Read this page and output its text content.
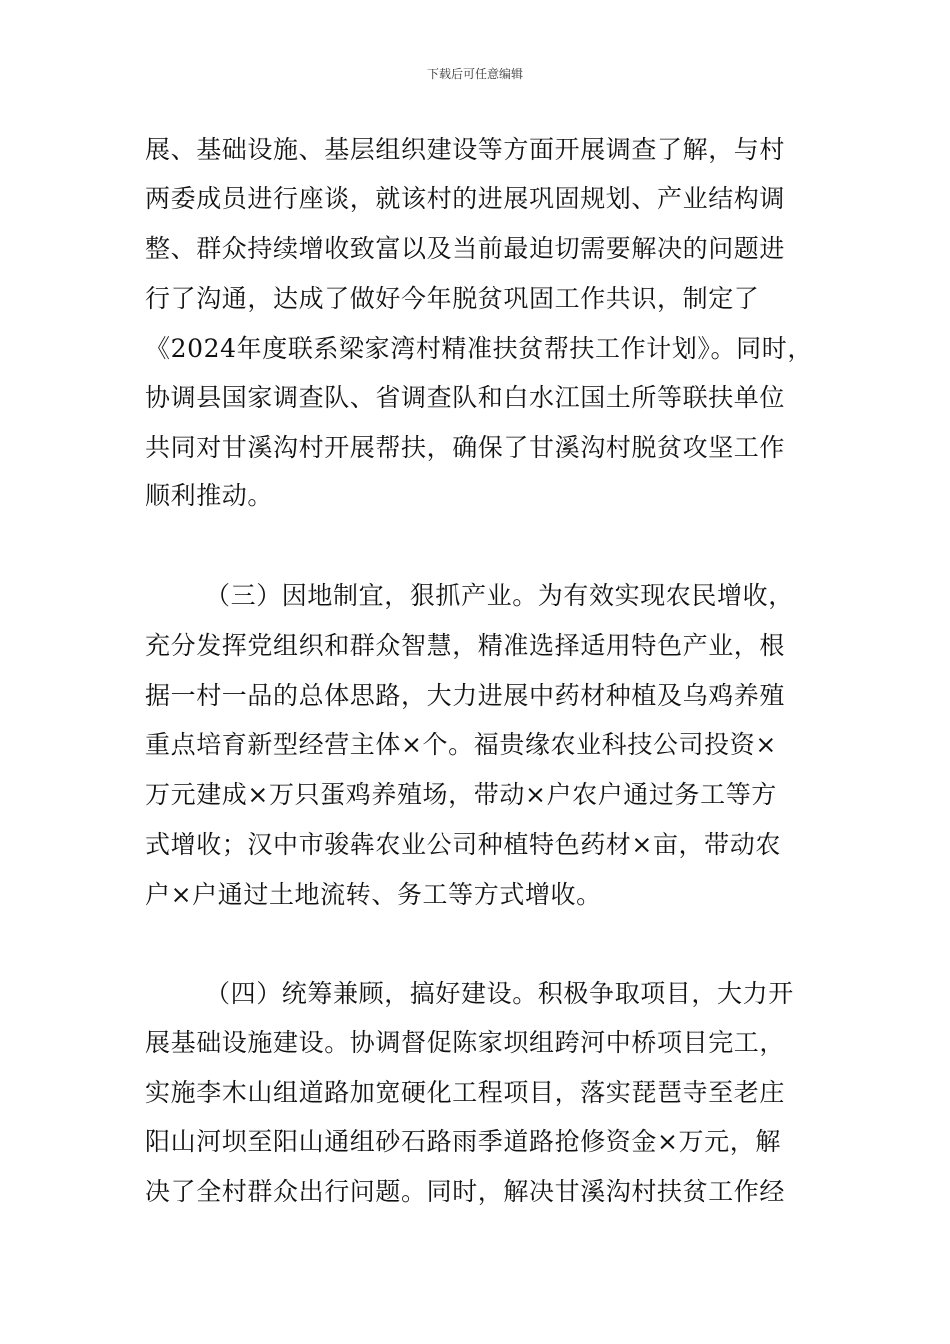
下载后可任意编辑
展、基础设施、基层组织建设等方面开展调查了解，与村
两委成员进行座谈，就该村的进展巩固规划、产业结构调
整、群众持续增收致富以及当前最迫切需要解决的问题进
行了沟通，达成了做好今年脱贫巩固工作共识，制定了
《2024年度联系梁家湾村精准扶贫帮扶工作计划》。同时，
协调县国家调查队、省调查队和白水江国土所等联扶单位
共同对甘溪沟村开展帮扶，确保了甘溪沟村脱贫攻坚工作
顺利推动。
（三）因地制宜，狠抓产业。为有效实现农民增收，
充分发挥党组织和群众智慧，精准选择适用特色产业，根
据一村一品的总体思路，大力进展中药材种植及乌鸡养殖
重点培育新型经营主体×个。福贵缘农业科技公司投资×
万元建成×万只蛋鸡养殖场，带动×户农户通过务工等方
式增收；汉中市骏犇农业公司种植特色药材×亩，带动农
户×户通过土地流转、务工等方式增收。
（四）统筹兼顾，搞好建设。积极争取项目，大力开
展基础设施建设。协调督促陈家坝组跨河中桥项目完工，
实施李木山组道路加宽硬化工程项目，落实琵琶寺至老庄
阳山河坝至阳山通组砂石路雨季道路抢修资金×万元，解
决了全村群众出行问题。同时，解决甘溪沟村扶贫工作经
